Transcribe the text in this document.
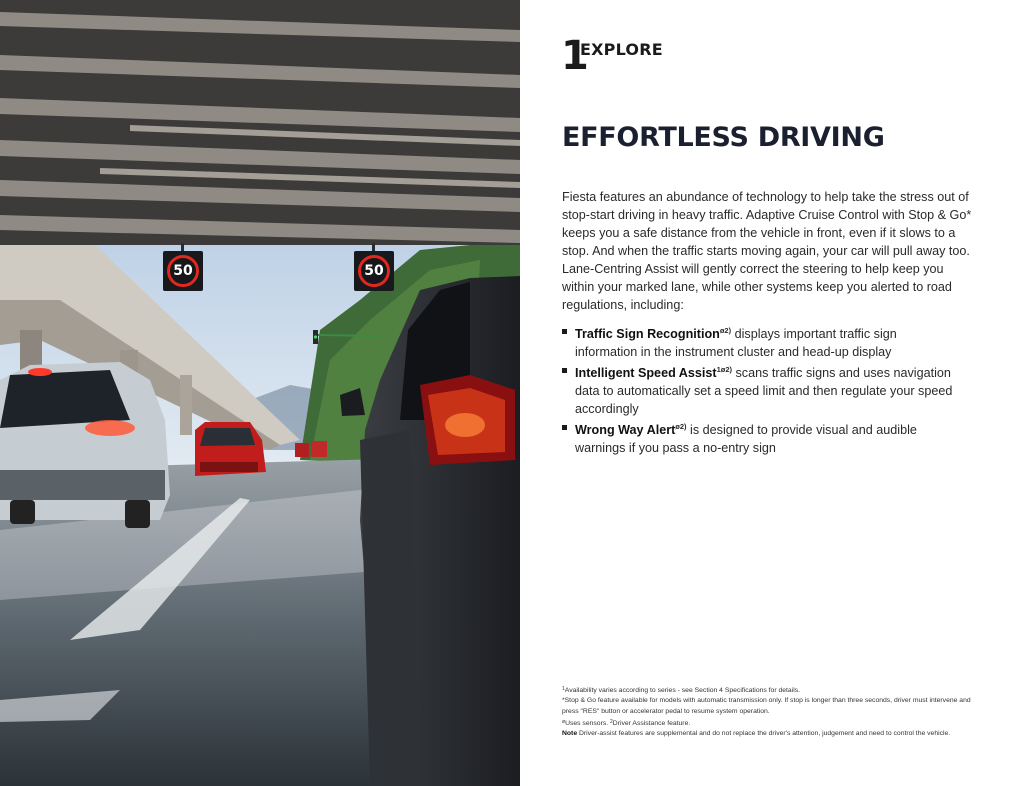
50	50
1
EXPLORE
EFFORTLESS DRIVING

Fiesta features an abundance of technology to help take the stress out of stop-start driving in heavy traffic. Adaptive Cruise Control with Stop & Go* keeps you a safe distance from the vehicle in front, even if it slows to a stop. And when the traffic starts moving again, your car will pull away too. Lane-Centring Assist will gently correct the steering to help keep you within your marked lane, while other systems keep you alerted to road regulations, including:

Traffic Sign Recognition$^{ø2)}$ displays important traffic sign information in the instrument cluster and head-up display
Intelligent Speed Assist$^{1ø2)}$ scans traffic signs and uses navigation data to automatically set a speed limit and then regulate your speed accordingly
Wrong Way Alert$^{ø2)}$ is designed to provide visual and audible warnings if you pass a no-entry sign

$^1$Availability varies according to series - see Section 4 Specifications for details.

*Stop & Go feature available for models with automatic transmission only. If stop is longer than three seconds, driver must intervene and press "RES" button or accelerator pedal to resume system operation.

$^ø$Uses sensors. $^2$Driver Assistance feature.

Note Driver-assist features are supplemental and do not replace the driver's attention, judgement and need to control the vehicle.
